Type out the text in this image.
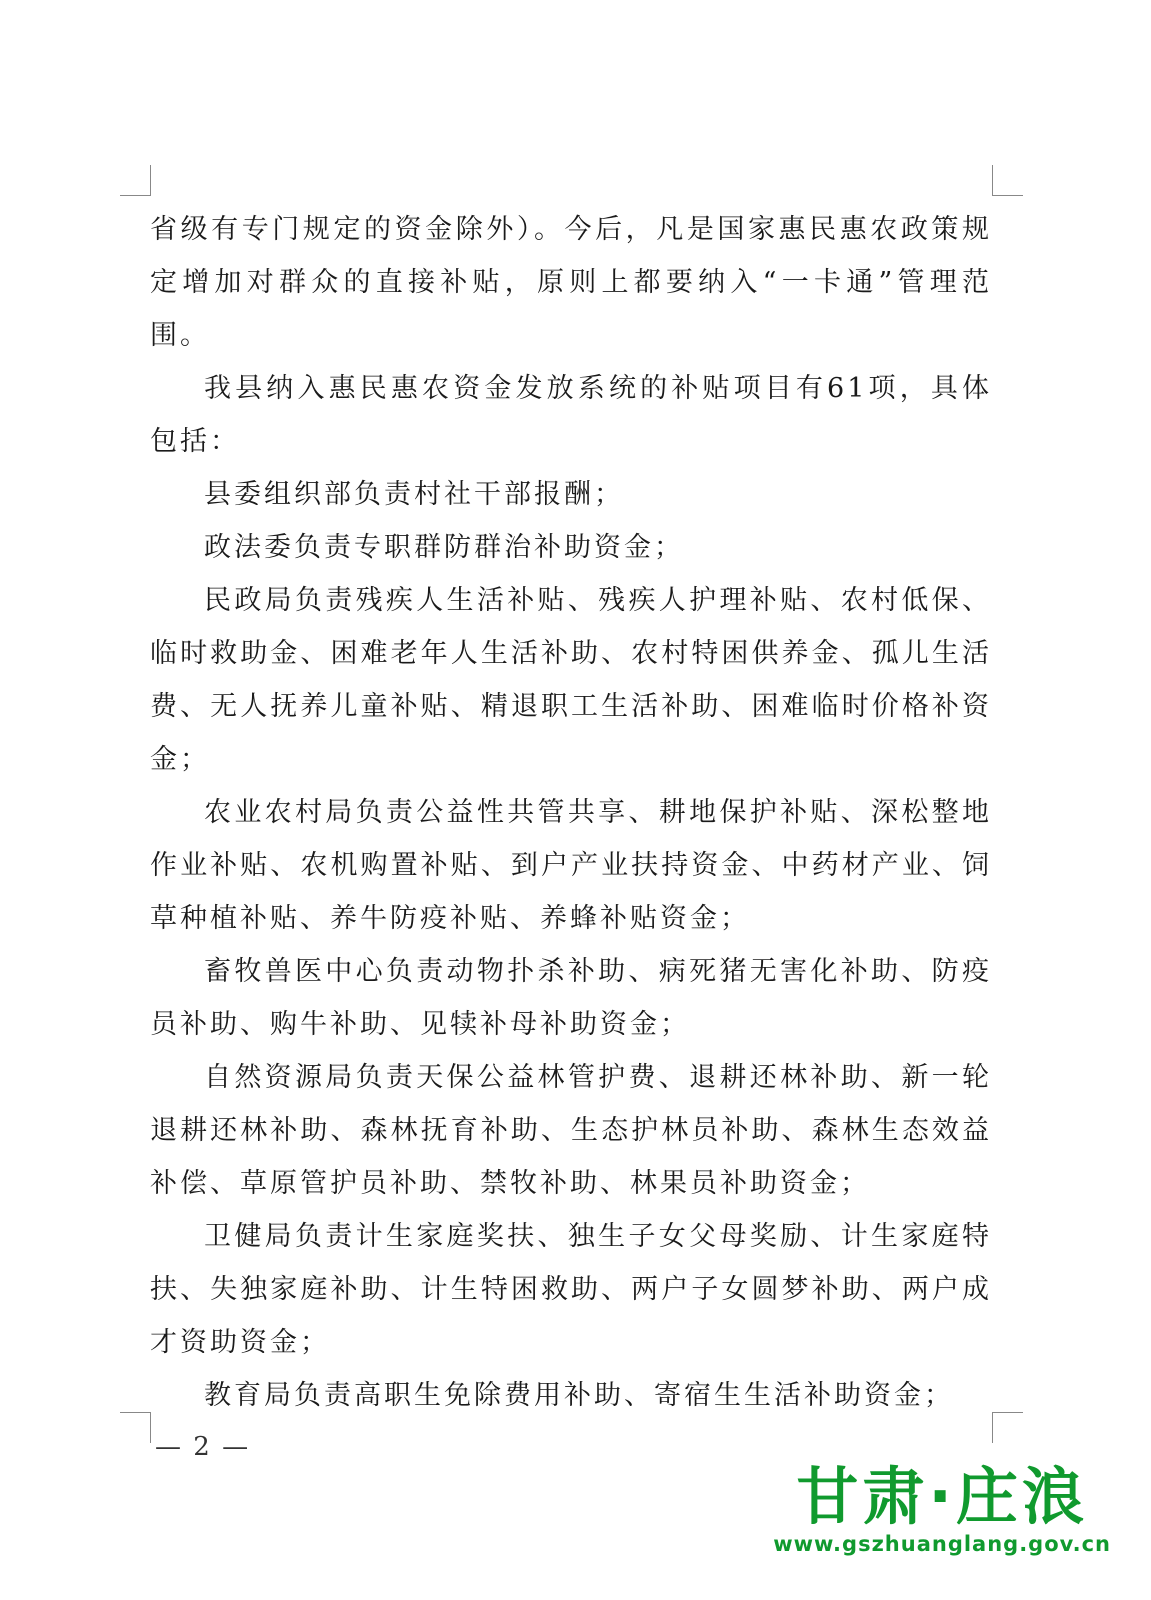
省级有专门规定的资金除外）。今后，凡是国家惠民惠农政策规定增加对群众的直接补贴，原则上都要纳入“一卡通”管理范围。

我县纳入惠民惠农资金发放系统的补贴项目有61项，具体包括：

县委组织部负责村社干部报酬；

政法委负责专职群防群治补助资金；

民政局负责残疾人生活补贴、残疾人护理补贴、农村低保、临时救助金、困难老年人生活补助、农村特困供养金、孤儿生活费、无人抚养儿童补贴、精退职工生活补助、困难临时价格补资金；

农业农村局负责公益性共管共享、耕地保护补贴、深松整地作业补贴、农机购置补贴、到户产业扶持资金、中药材产业、饲草种植补贴、养牛防疫补贴、养蜂补贴资金；

畜牧兽医中心负责动物扑杀补助、病死猪无害化补助、防疫员补助、购牛补助、见犊补母补助资金；

自然资源局负责天保公益林管护费、退耕还林补助、新一轮退耕还林补助、森林抚育补助、生态护林员补助、森林生态效益补偿、草原管护员补助、禁牧补助、林果员补助资金；

卫健局负责计生家庭奖扶、独生子女父母奖励、计生家庭特扶、失独家庭补助、计生特困救助、两户子女圆梦补助、两户成才资助资金；

教育局负责高职生免除费用补助、寄宿生生活补助资金；

— 2 —
甘肃·庄浪
www.gszhuanglang.gov.cn
